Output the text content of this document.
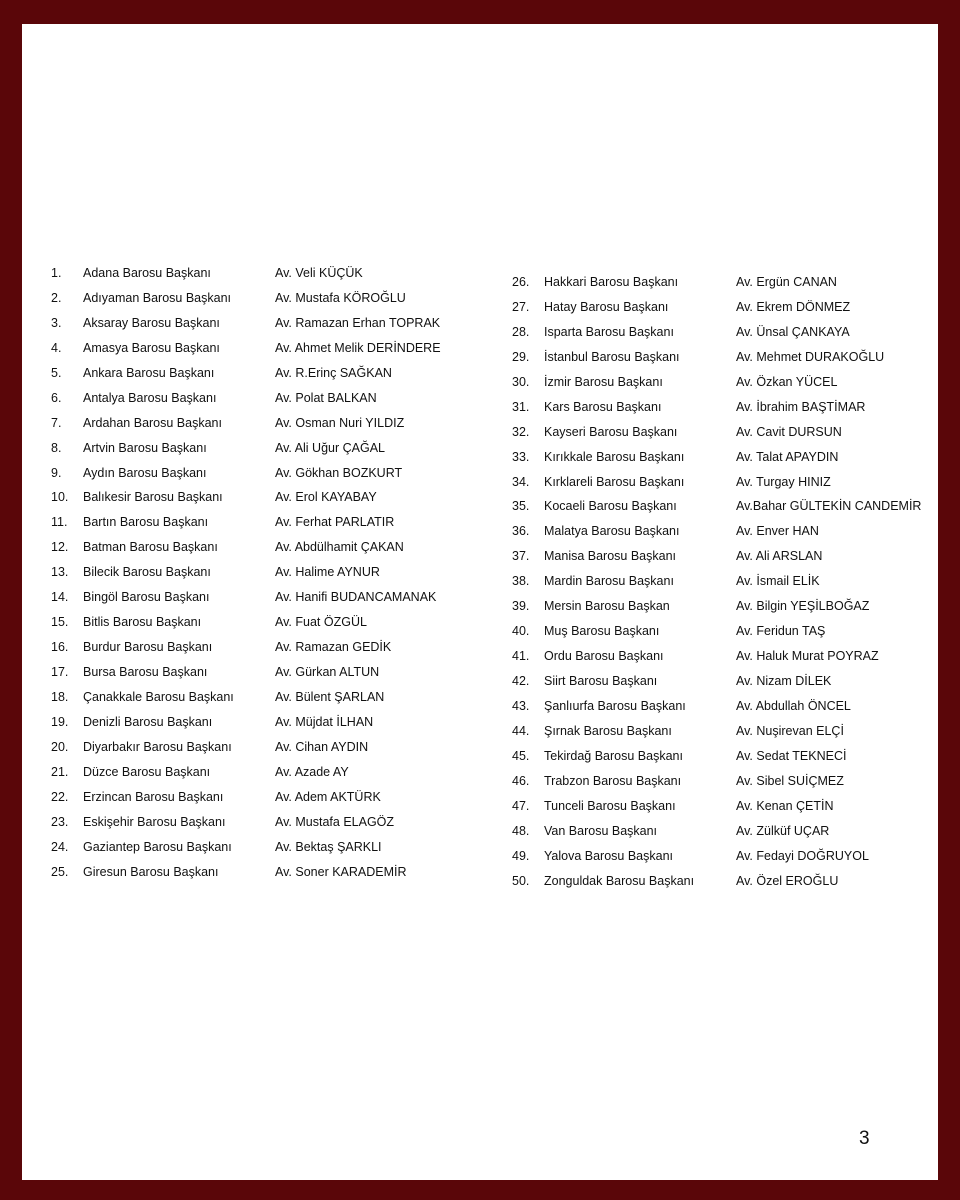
1. Adana Barosu Başkanı	Av. Veli KÜÇÜK
2. Adıyaman Barosu Başkanı	Av. Mustafa KÖROĞLU
3. Aksaray Barosu Başkanı	Av. Ramazan Erhan TOPRAK
4. Amasya Barosu Başkanı	Av. Ahmet Melik DERİNDERE
5. Ankara Barosu Başkanı	Av. R.Erinç SAĞKAN
6. Antalya Barosu Başkanı	Av. Polat BALKAN
7. Ardahan Barosu Başkanı	Av. Osman Nuri YILDIZ
8. Artvin Barosu Başkanı	Av. Ali Uğur ÇAĞAL
9. Aydın Barosu Başkanı	Av. Gökhan BOZKURT
10. Balıkesir Barosu Başkanı	Av. Erol KAYABAY
11. Bartın Barosu Başkanı	Av. Ferhat PARLATIR
12. Batman Barosu Başkanı	Av. Abdülhamit ÇAKAN
13. Bilecik Barosu Başkanı	Av. Halime AYNUR
14. Bingöl Barosu Başkanı	Av. Hanifi BUDANCAMANAK
15. Bitlis Barosu Başkanı	Av. Fuat ÖZGÜL
16. Burdur Barosu Başkanı	Av. Ramazan GEDİK
17. Bursa Barosu Başkanı	Av. Gürkan ALTUN
18. Çanakkale Barosu Başkanı	Av. Bülent ŞARLAN
19. Denizli Barosu Başkanı	Av. Müjdat İLHAN
20. Diyarbakır Barosu Başkanı	Av. Cihan AYDIN
21. Düzce Barosu Başkanı	Av. Azade AY
22. Erzincan Barosu Başkanı	Av. Adem AKTÜRK
23. Eskişehir Barosu Başkanı	Av. Mustafa ELAGÖZ
24. Gaziantep Barosu Başkanı	Av. Bektaş ŞARKLI
25. Giresun Barosu Başkanı	Av. Soner KARADEMİR
26. Hakkari Barosu Başkanı	Av. Ergün CANAN
27. Hatay Barosu Başkanı	Av. Ekrem DÖNMEZ
28. Isparta Barosu Başkanı	Av. Ünsal ÇANKAYA
29. İstanbul Barosu Başkanı	Av. Mehmet DURAKOĞLU
30. İzmir Barosu Başkanı	Av. Özkan YÜCEL
31. Kars Barosu Başkanı	Av. İbrahim BAŞTİMAR
32. Kayseri Barosu Başkanı	Av. Cavit DURSUN
33. Kırıkkale Barosu Başkanı	Av. Talat APAYDIN
34. Kırklareli Barosu Başkanı	Av. Turgay HINIZ
35. Kocaeli Barosu Başkanı	Av.Bahar GÜLTEKİN CANDEMİR
36. Malatya Barosu Başkanı	Av. Enver HAN
37. Manisa Barosu Başkanı	Av. Ali ARSLAN
38. Mardin Barosu Başkanı	Av. İsmail ELİK
39. Mersin Barosu Başkan	Av. Bilgin YEŞİLBOĞAZ
40. Muş Barosu Başkanı	Av. Feridun TAŞ
41. Ordu Barosu Başkanı	Av. Haluk Murat POYRAZ
42. Siirt Barosu Başkanı	Av. Nizam DİLEK
43. Şanlıurfa Barosu Başkanı	Av. Abdullah ÖNCEL
44. Şırnak Barosu Başkanı	Av. Nuşirevan ELÇİ
45. Tekirdağ Barosu Başkanı	Av. Sedat TEKNECİ
46. Trabzon Barosu Başkanı	Av. Sibel SUİÇMEZ
47. Tunceli Barosu Başkanı	Av. Kenan ÇETİN
48. Van Barosu Başkanı	Av. Zülküf UÇAR
49. Yalova Barosu Başkanı	Av. Fedayi DOĞRUYOL
50. Zonguldak Barosu Başkanı	Av. Özel EROĞLU
3
